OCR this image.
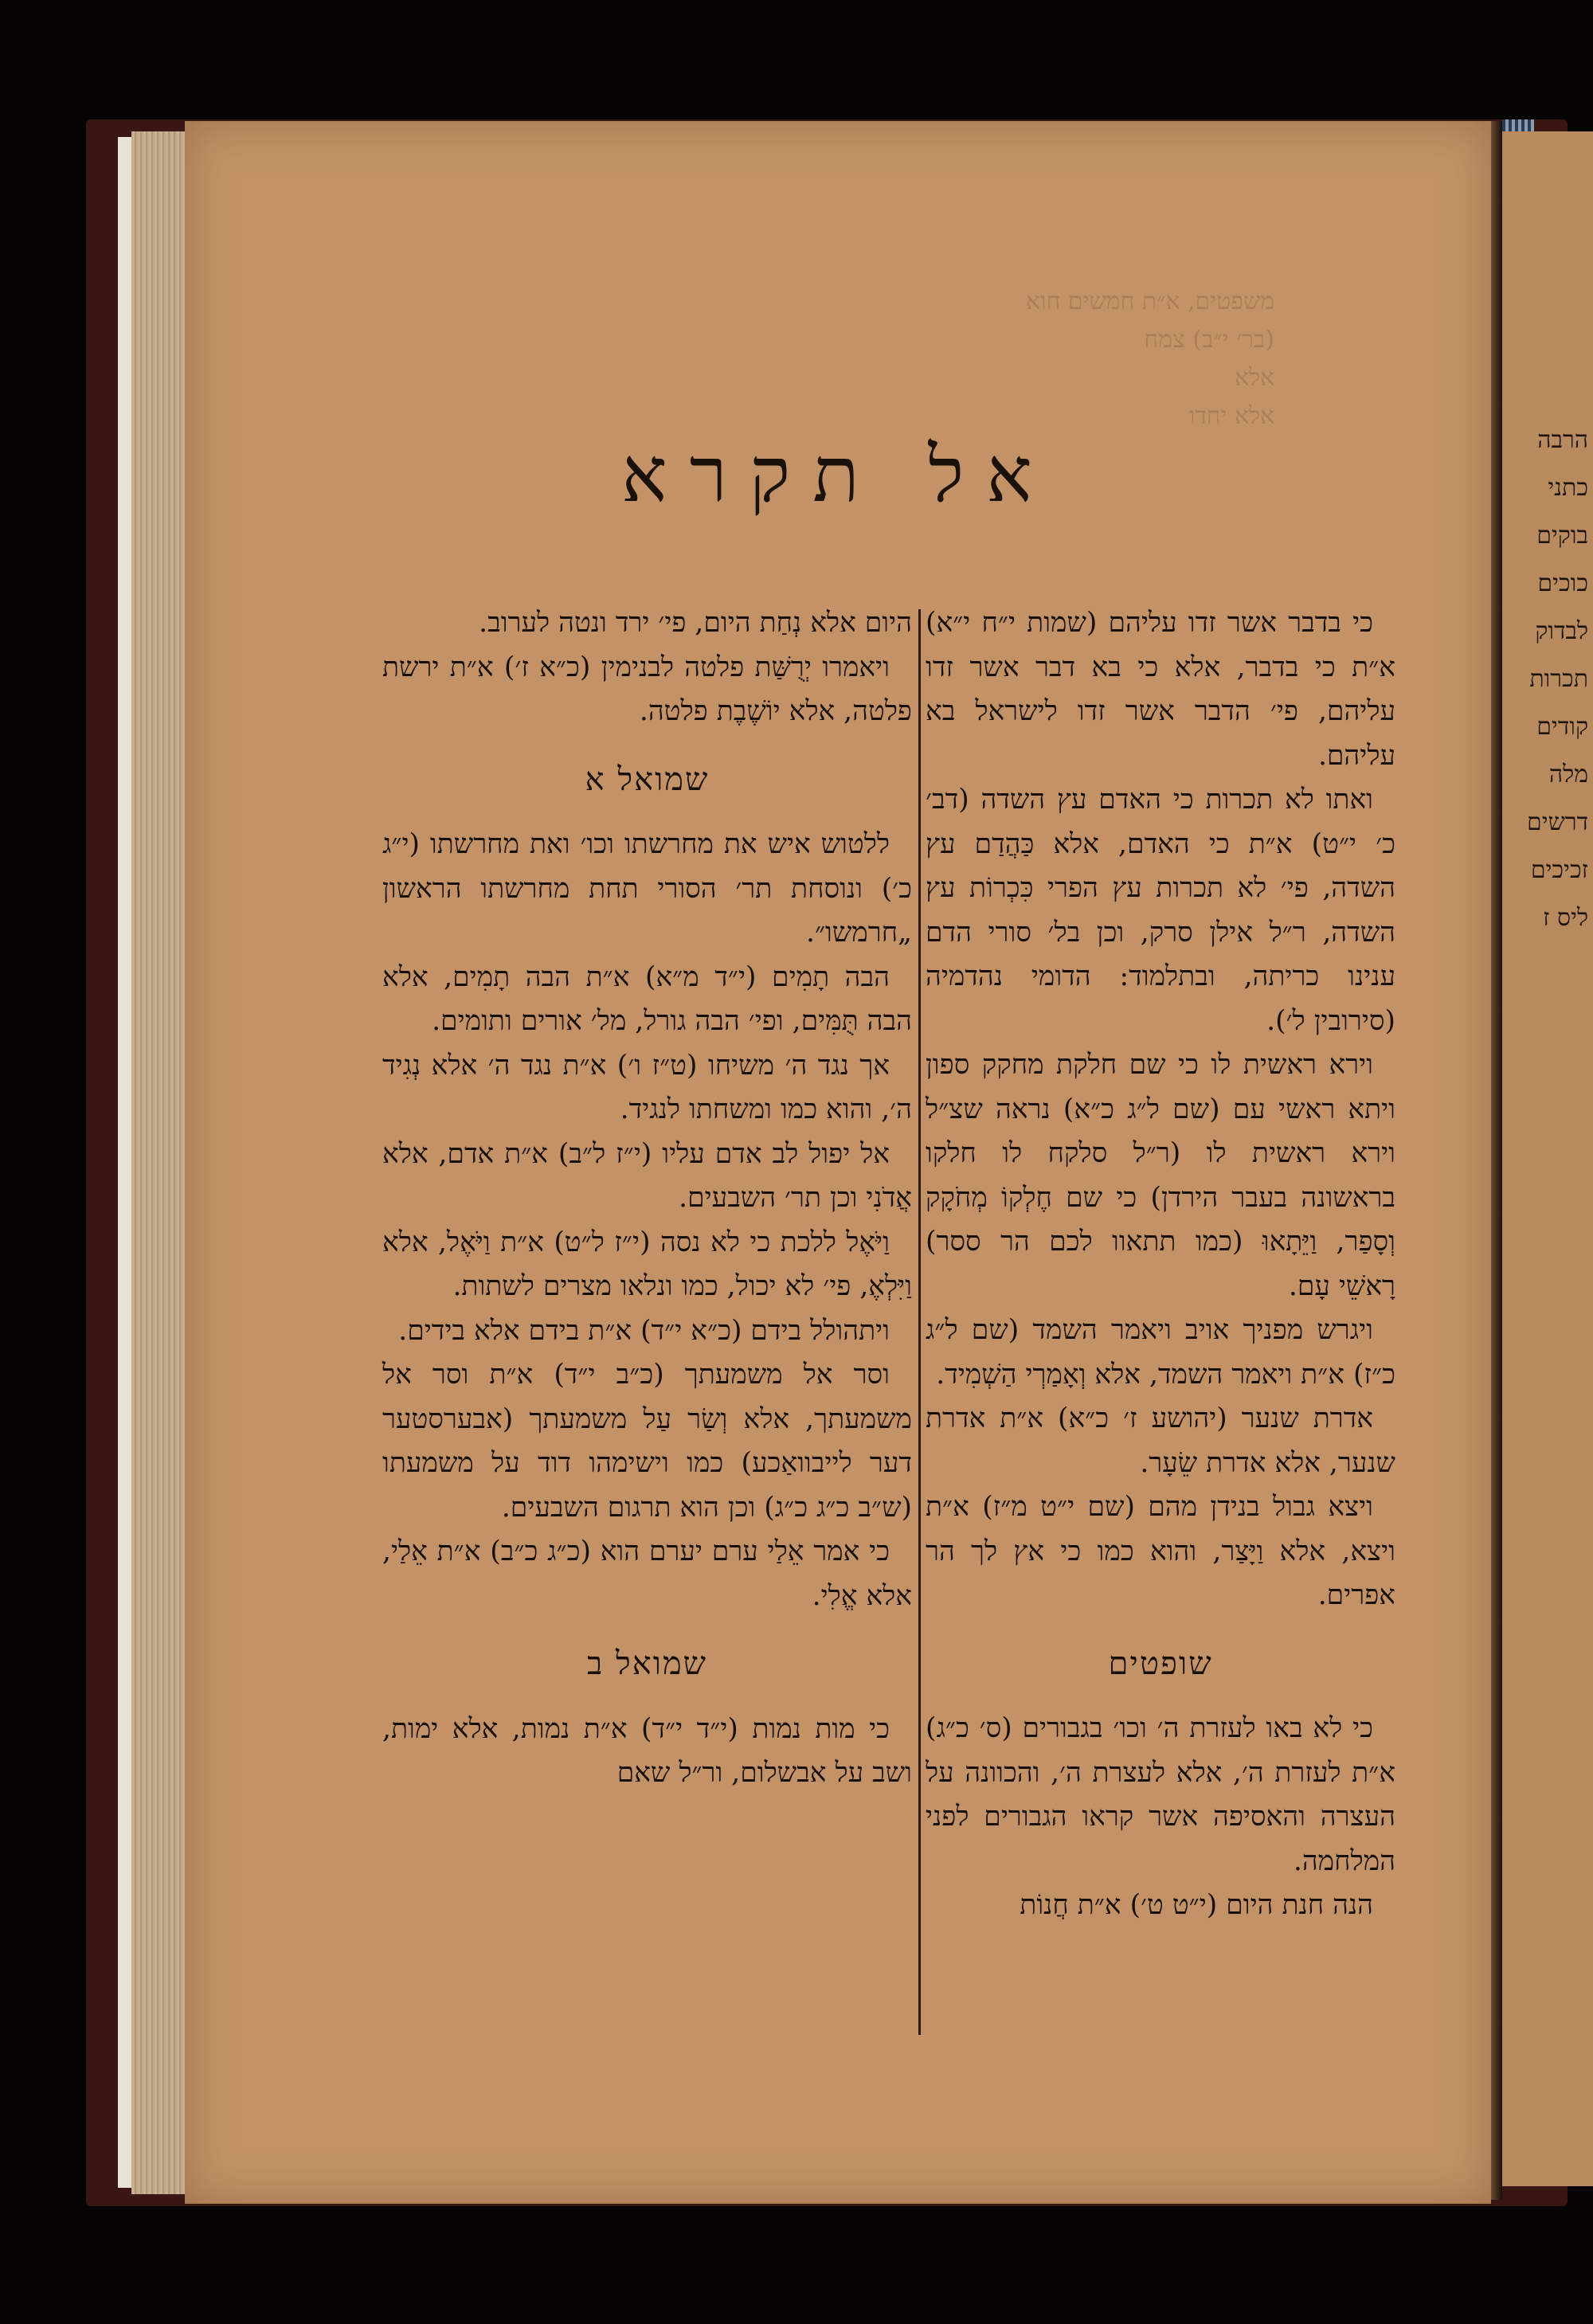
הרבה
כתני
בוקים
כוכים
לבדוק
תכרות
קודים
מלה
דרשים
זכיכים
ליס ז
משפטים, א״ת חמשים חוא
(בר׳ י״ב) צמח
אלא
אלא יחדו
אל תקרא

כי בדבר אשר זדו עליהם (שמות י״ח י״א) א״ת כי בדבר, אלא כי בא דבר אשר זדו עליהם, פי׳ הדבר אשר זדו לישראל בא עליהם.

ואתו לא תכרות כי האדם עץ השדה (דב׳ כ׳ י״ט) א״ת כי האדם, אלא כַּהֲדַם עץ השדה, פי׳ לא תכרות עץ הפרי כִּכְרוֹת עץ השדה, ר״ל אילן סרק, וכן בל׳ סורי הדם ענינו כריתה, ובתלמוד: הדומי נהדמיה (סירובין ל׳).

וירא ראשית לו כי שם חלקת מחקק ספון ויתא ראשי עם (שם ל״ג כ״א) נראה שצ״ל וירא ראשית לו (ר״ל סלקח לו חלקו בראשונה בעבר הירדן) כי שם חֶלְקוֹ מְחֹקָק וְסָפַר, וַיֵּתָאוּ (כמו תתאוו לכם הר ססר) רָאשֵׁי עָם.

ויגרש מפניך אויב ויאמר השמד (שם ל״ג כ״ז) א״ת ויאמר השמד, אלא וְאָמַרְי הַשְׁמִיד.

אדרת שנער (יהושע ז׳ כ״א) א״ת אדרת שנער, אלא אדרת שֵׂעָר.

ויצא גבול בנידן מהם (שם י״ט מ״ז) א״ת ויצא, אלא וַיָּצַר, והוא כמו כי אץ לך הר אפרים.

שופטים

כי לא באו לעזרת ה׳ וכו׳ בגבורים (ס׳ כ״ג) א״ת לעזרת ה׳, אלא לעצרת ה׳, והכוונה על העצרה והאסיפה אשר קראו הגבורים לפני המלחמה.

הנה חנת היום (י״ט ט׳) א״ת חֲנוֹת

היום אלא נְחַת היום, פי׳ ירד ונטה לערוב.

ויאמרו יְרֻשַּׁת פלטה לבנימין (כ״א ז׳) א״ת ירשת פלטה, אלא יוֹשֶׁבֶת פלטה.

שמואל א

ללטוש איש את מחרשתו וכו׳ ואת מחרשתו (י״ג כ׳) ונוסחת תר׳ הסורי תחת מחרשתו הראשון „חרמשו״.

הבה תָמִים (י״ד מ״א) א״ת הבה תָמִים, אלא הבה תֻּמִּים, ופי׳ הבה גורל, מל׳ אורים ותומים.

אך נגד ה׳ משיחו (ט״ז ו׳) א״ת נגד ה׳ אלא נְגִיד ה׳, והוא כמו ומשחתו לנגיד.

אל יפול לב אדם עליו (י״ז ל״ב) א״ת אדם, אלא אֲדֹנִי וכן תר׳ השבעים.

וַיֹּאֶל ללכת כי לא נסה (י״ז ל״ט) א״ת וַיֹּאֶל, אלא וַיִּלְאֶ, פי׳ לא יכול, כמו ונלאו מצרים לשתות.

ויתהולל בידם (כ״א י״ד) א״ת בידם אלא בידים.

וסר אל משמעתך (כ״ב י״ד) א״ת וסר אל משמעתך, אלא וְשַׂר עַל משמעתך (אבערסטער דער לייבוואַכע) כמו וישימהו דוד על משמעתו (ש״ב כ״ג כ״ג) וכן הוא תרגום השבעים.

כי אמר אֵלַי ערם יערם הוא (כ״ג כ״ב) א״ת אֵלַי, אלא אֱלִי.

שמואל ב

כי מות נמות (י״ד י״ד) א״ת נמות, אלא ימות, ושב על אבשלום, ור״ל שאם
